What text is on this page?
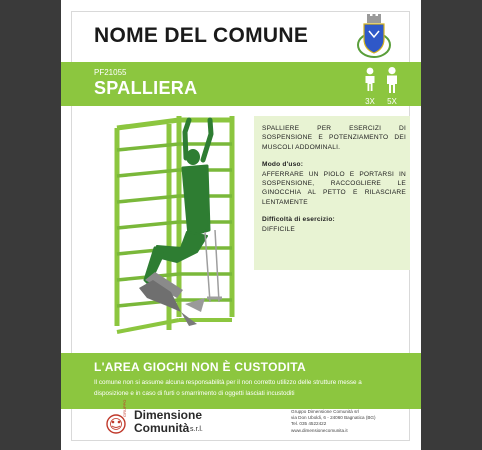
NOME DEL COMUNE
PF21055
SPALLIERA
3X	5X

SPALLIERE PER ESERCIZI DI SOSPENSIONE E POTENZIAMENTO DEI MUSCOLI ADDOMINALI.

Modo d'uso:

AFFERRARE UN PIOLO E PORTARSI IN SOSPENSIONE, RACCOGLIERE LE GINOCCHIA AL PETTO E RILASCIARE LENTAMENTE

Difficoltà di esercizio:

DIFFICILE

L'AREA GIOCHI NON È CUSTODITA
Il comune non si assume alcuna responsabilità per il non corretto utilizzo delle strutture messe a disposizione e in caso di furti o smarrimento di oggetti lasciati incustoditi
GRUPPO Dimensione
Comunità s.r.l.
Gruppo Dimensione Comunità srl
via Don Uboldi, 6 - 24060 Bagnatica (BG)
Tel. 035 4522422
www.dimensionecomunita.it
